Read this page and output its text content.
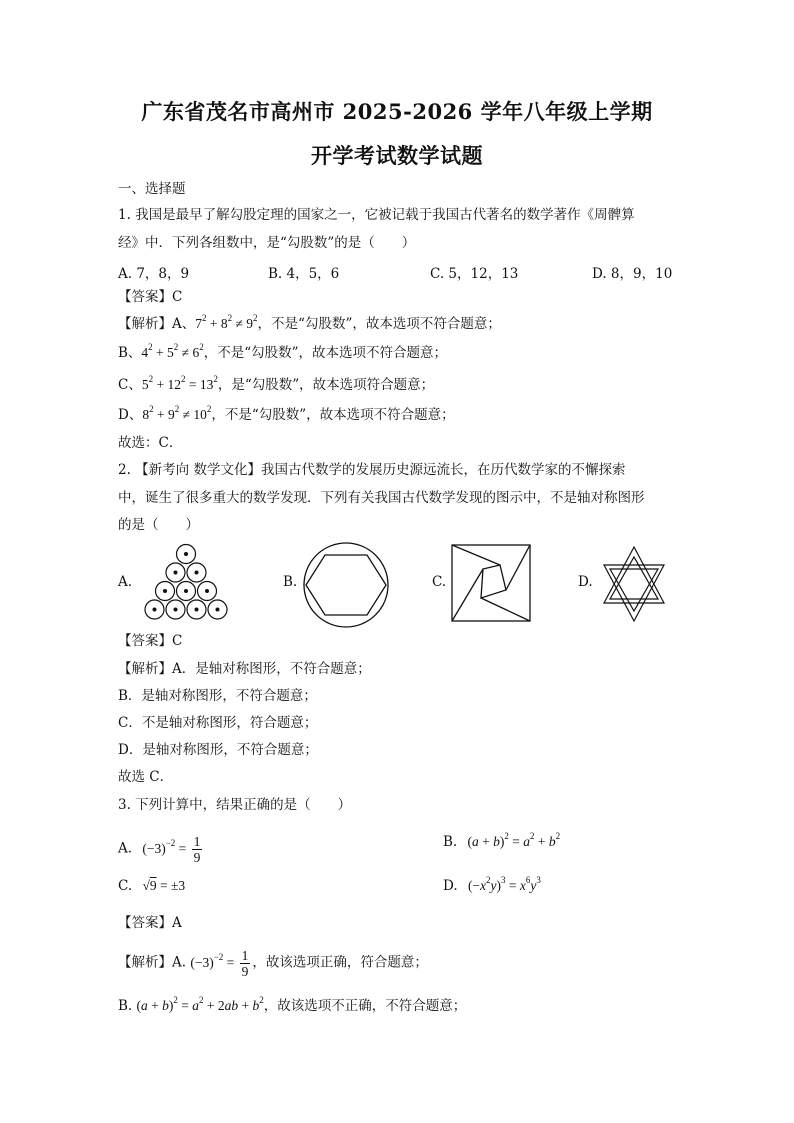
广东省茂名市高州市 2025-2026 学年八年级上学期
开学考试数学试题
一、选择题
1. 我国是最早了解勾股定理的国家之一，它被记载于我国古代著名的数学著作《周髀算
经》中．下列各组数中，是“勾股数”的是（　　）
A. 7，8，9	B. 4，5，6	C. 5，12，13	D. 8，9，10
【答案】C
【解析】A、$7^2 + 8^2 \ne 9^2$，不是“勾股数”，故本选项不符合题意；
B、$4^2 + 5^2 \ne 6^2$，不是“勾股数”，故本选项不符合题意；
C、$5^2 + 12^2 = 13^2$，是“勾股数”，故本选项符合题意；
D、$8^2 + 9^2 \ne 10^2$，不是“勾股数”，故本选项不符合题意；
故选：C．
2. 【新考向 数学文化】我国古代数学的发展历史源远流长，在历代数学家的不懈探索
中，诞生了很多重大的数学发现．下列有关我国古代数学发现的图示中，不是轴对称图形
的是（　　）
A.	B.	C.	D.
【答案】C
【解析】A．是轴对称图形，不符合题意；
B．是轴对称图形，不符合题意；
C．不是轴对称图形，符合题意；
D．是轴对称图形，不符合题意；
故选 C．
3. 下列计算中，结果正确的是（　　）
A. $(-3)^{-2} = \frac{1}{9}$	B. $(a + b)^2 = a^2 + b^2$
C. √9 = ±3	D. $(-x^2y)^3 = x^6y^3$
【答案】A
【解析】A. $(-3)^{-2} = \frac{1}{9}$ ，故该选项正确，符合题意；
B. $(a + b)^2 = a^2 + 2ab + b^2$，故该选项不正确，不符合题意；
